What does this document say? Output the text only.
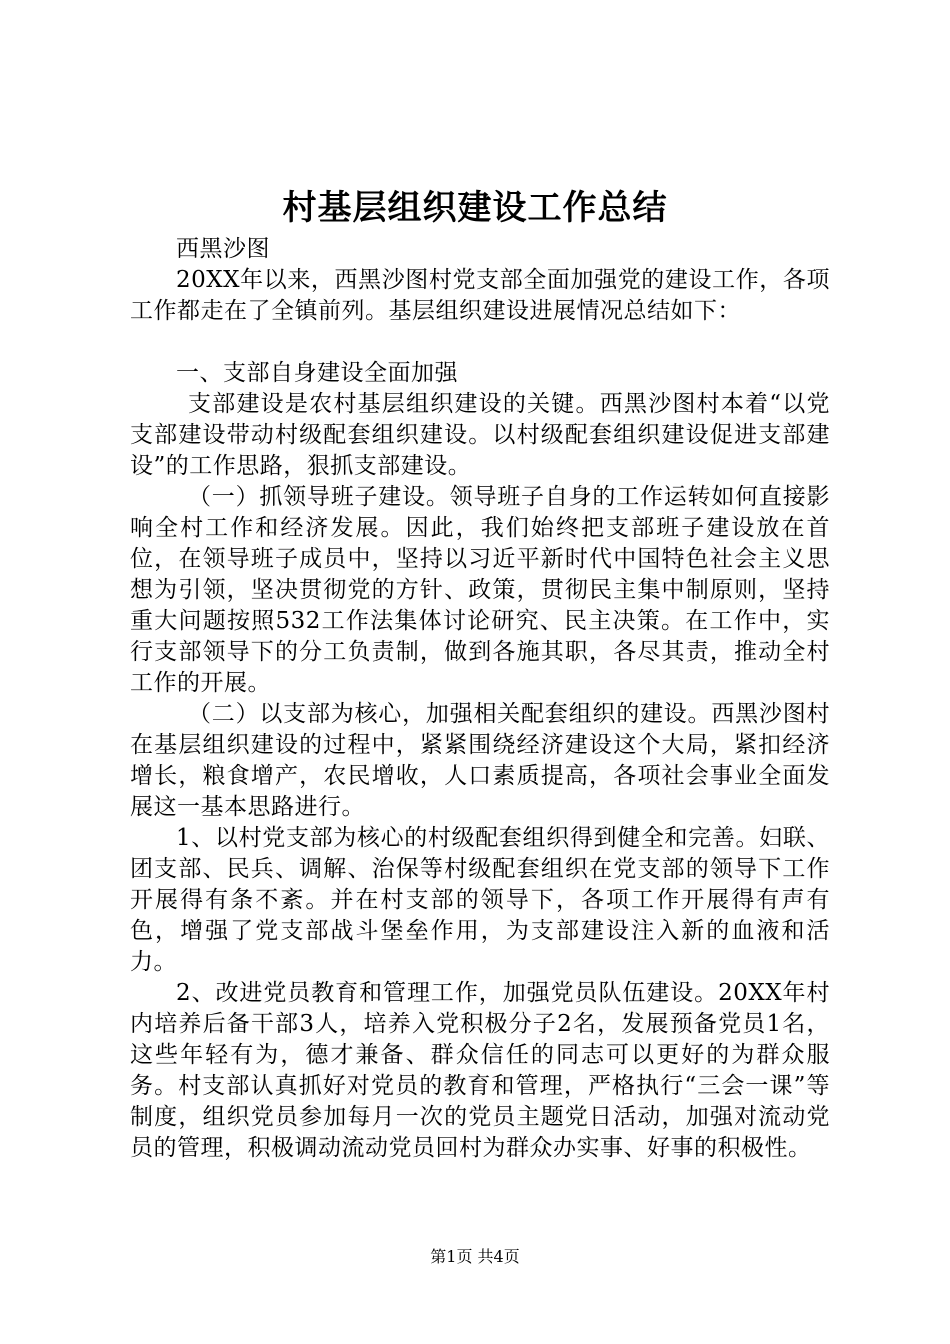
村基层组织建设工作总结

西黑沙图

20XX年以来，西黑沙图村党支部全面加强党的建设工作，各项工作都走在了全镇前列。基层组织建设进展情况总结如下：

一、支部自身建设全面加强

支部建设是农村基层组织建设的关键。西黑沙图村本着“以党支部建设带动村级配套组织建设。以村级配套组织建设促进支部建设”的工作思路，狠抓支部建设。

（一）抓领导班子建设。领导班子自身的工作运转如何直接影响全村工作和经济发展。因此，我们始终把支部班子建设放在首位，在领导班子成员中，坚持以习近平新时代中国特色社会主义思想为引领，坚决贯彻党的方针、政策，贯彻民主集中制原则，坚持重大问题按照532工作法集体讨论研究、民主决策。在工作中，实行支部领导下的分工负责制，做到各施其职，各尽其责，推动全村工作的开展。

（二）以支部为核心，加强相关配套组织的建设。西黑沙图村在基层组织建设的过程中，紧紧围绕经济建设这个大局，紧扣经济增长，粮食增产，农民增收，人口素质提高，各项社会事业全面发展这一基本思路进行。

1、以村党支部为核心的村级配套组织得到健全和完善。妇联、团支部、民兵、调解、治保等村级配套组织在党支部的领导下工作开展得有条不紊。并在村支部的领导下，各项工作开展得有声有色，增强了党支部战斗堡垒作用，为支部建设注入新的血液和活力。

2、改进党员教育和管理工作，加强党员队伍建设。20XX年村内培养后备干部3人，培养入党积极分子2名，发展预备党员1名，这些年轻有为，德才兼备、群众信任的同志可以更好的为群众服务。村支部认真抓好对党员的教育和管理，严格执行“三会一课”等制度，组织党员参加每月一次的党员主题党日活动，加强对流动党员的管理，积极调动流动党员回村为群众办实事、好事的积极性。

第1页 共4页
